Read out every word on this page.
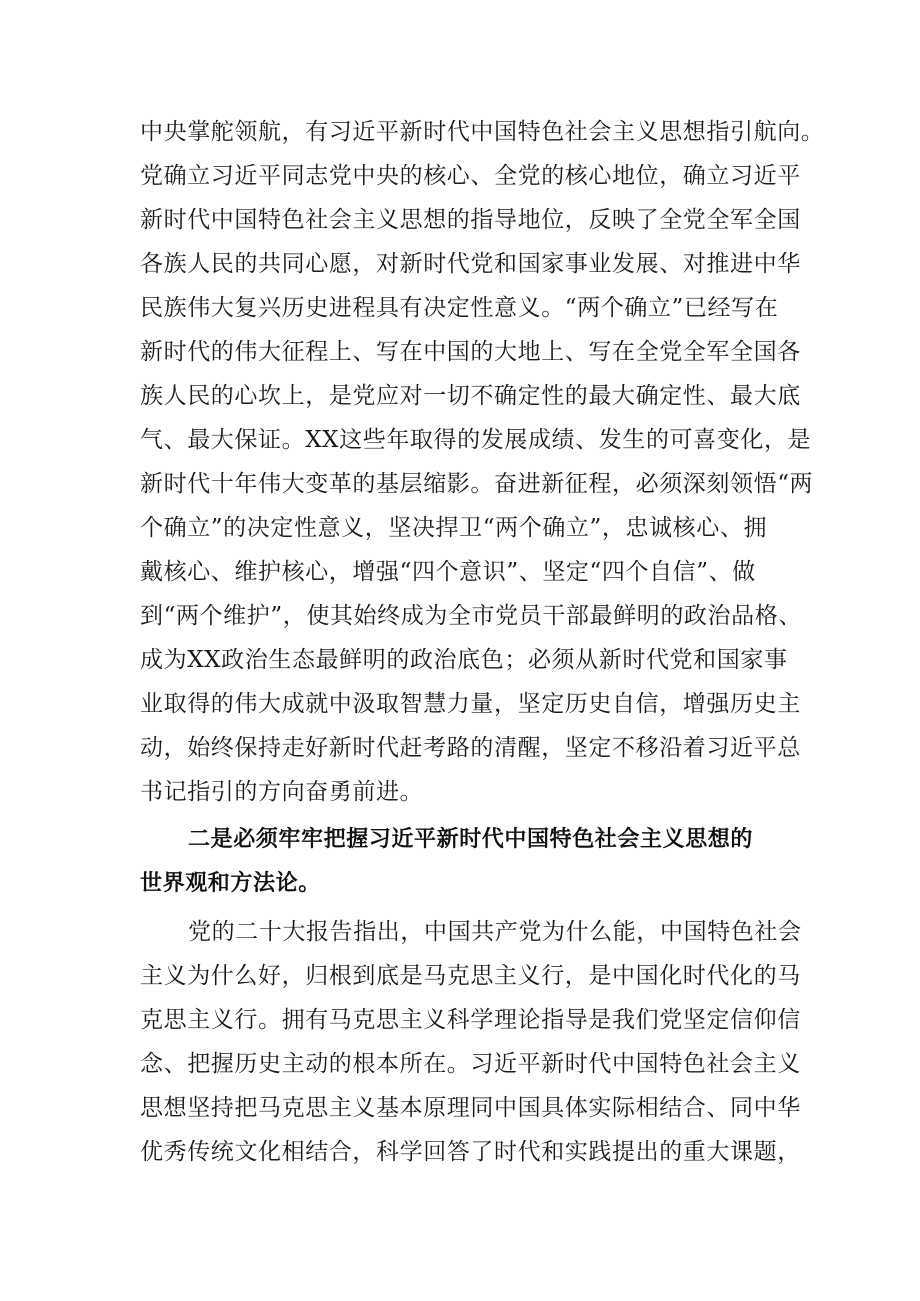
中央掌舵领航，有习近平新时代中国特色社会主义思想指引航向。
党确立习近平同志党中央的核心、全党的核心地位，确立习近平
新时代中国特色社会主义思想的指导地位，反映了全党全军全国
各族人民的共同心愿，对新时代党和国家事业发展、对推进中华
民族伟大复兴历史进程具有决定性意义。“两个确立”已经写在
新时代的伟大征程上、写在中国的大地上、写在全党全军全国各
族人民的心坎上，是党应对一切不确定性的最大确定性、最大底
气、最大保证。XX这些年取得的发展成绩、发生的可喜变化，是
新时代十年伟大变革的基层缩影。奋进新征程，必须深刻领悟“两
个确立”的决定性意义，坚决捍卫“两个确立”，忠诚核心、拥
戴核心、维护核心，增强“四个意识”、坚定“四个自信”、做
到“两个维护”，使其始终成为全市党员干部最鲜明的政治品格、
成为XX政治生态最鲜明的政治底色；必须从新时代党和国家事
业取得的伟大成就中汲取智慧力量，坚定历史自信，增强历史主
动，始终保持走好新时代赶考路的清醒，坚定不移沿着习近平总
书记指引的方向奋勇前进。
二是必须牢牢把握习近平新时代中国特色社会主义思想的
世界观和方法论。
党的二十大报告指出，中国共产党为什么能，中国特色社会
主义为什么好，归根到底是马克思主义行，是中国化时代化的马
克思主义行。拥有马克思主义科学理论指导是我们党坚定信仰信
念、把握历史主动的根本所在。习近平新时代中国特色社会主义
思想坚持把马克思主义基本原理同中国具体实际相结合、同中华
优秀传统文化相结合，科学回答了时代和实践提出的重大课题，
